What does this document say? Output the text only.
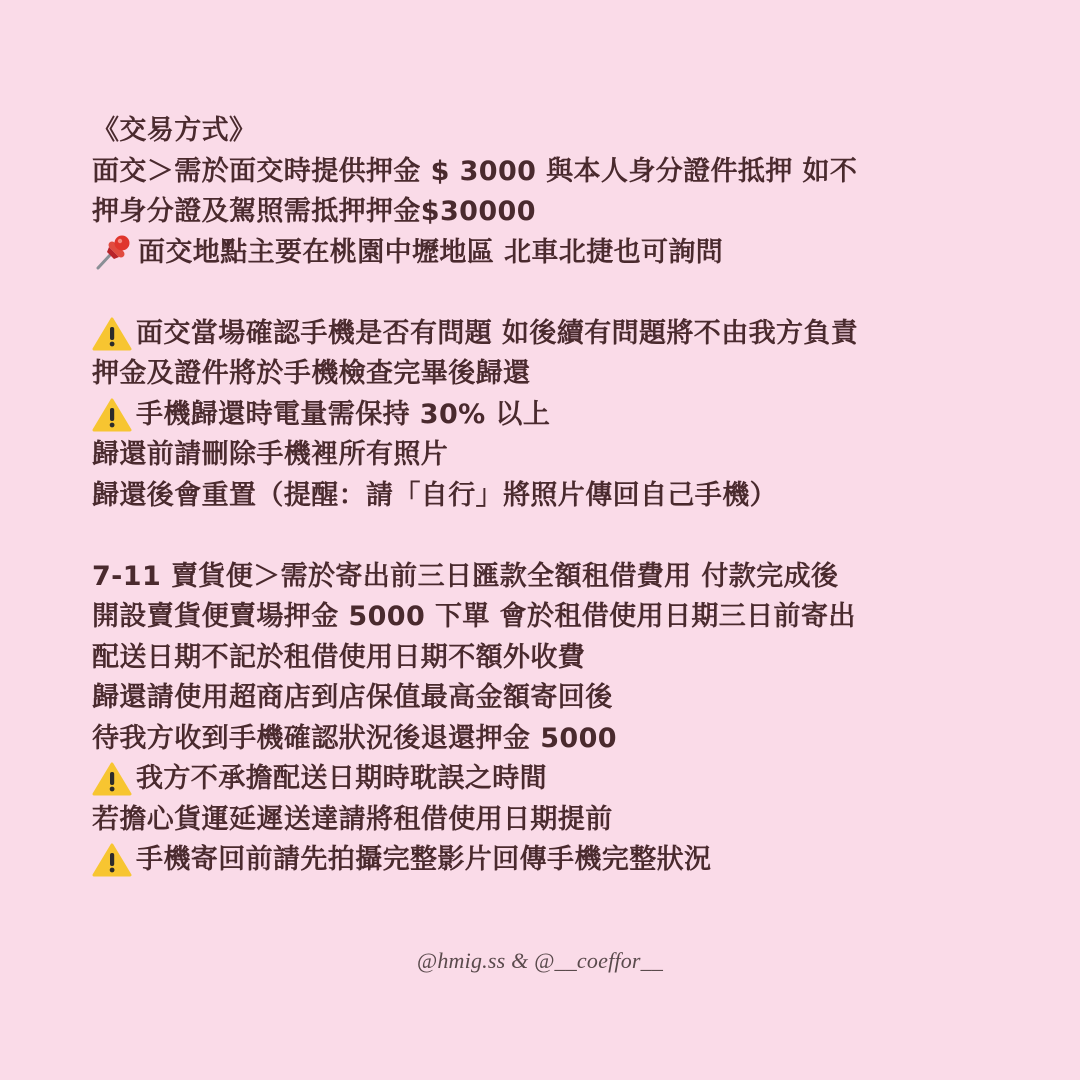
《交易方式》
面交＞需於面交時提供押金 $ 3000 與本人身分證件抵押 如不
押身分證及駕照需抵押押金$30000
面交地點主要在桃園中壢地區 北車北捷也可詢問
面交當場確認手機是否有問題 如後續有問題將不由我方負責
押金及證件將於手機檢查完畢後歸還
手機歸還時電量需保持 30% 以上
歸還前請刪除手機裡所有照片
歸還後會重置（提醒：請「自行」將照片傳回自己手機）
7-11 賣貨便＞需於寄出前三日匯款全額租借費用 付款完成後
開設賣貨便賣場押金 5000 下單 會於租借使用日期三日前寄出
配送日期不記於租借使用日期不額外收費
歸還請使用超商店到店保值最高金額寄回後
待我方收到手機確認狀況後退還押金 5000
我方不承擔配送日期時耽誤之時間
若擔心貨運延遲送達請將租借使用日期提前
手機寄回前請先拍攝完整影片回傳手機完整狀況
@hmig.ss & @__coeffor__
